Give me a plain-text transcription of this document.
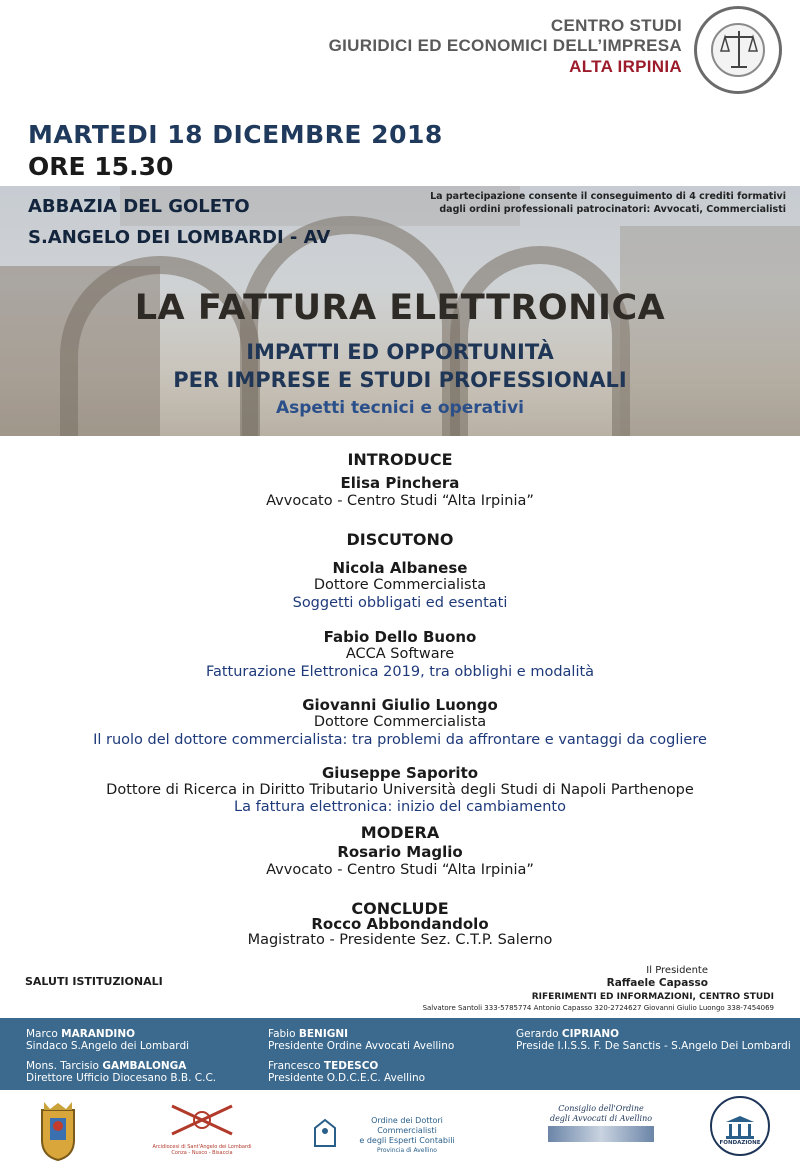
CENTRO STUDI
GIURIDICI ED ECONOMICI DELL’IMPRESA
ALTA IRPINIA
MARTEDI 18 DICEMBRE 2018
ORE 15.30
ABBAZIA DEL GOLETO
S.ANGELO DEI LOMBARDI - AV
La partecipazione consente il conseguimento di 4 crediti formativi
dagli ordini professionali patrocinatori: Avvocati, Commercialisti
LA FATTURA ELETTRONICA
IMPATTI ED OPPORTUNITÀ
PER IMPRESE E STUDI PROFESSIONALI
Aspetti tecnici e operativi
INTRODUCE
Elisa Pinchera
Avvocato - Centro Studi “Alta Irpinia”
DISCUTONO
Nicola Albanese
Dottore Commercialista
Soggetti obbligati ed esentati
Fabio Dello Buono
ACCA Software
Fatturazione Elettronica 2019, tra obblighi e modalità
Giovanni Giulio Luongo
Dottore Commercialista
Il ruolo del dottore commercialista: tra problemi da affrontare e vantaggi da cogliere
Giuseppe Saporito
Dottore di Ricerca in Diritto Tributario Università degli Studi di Napoli Parthenope
La fattura elettronica: inizio del cambiamento
MODERA
Rosario Maglio
Avvocato - Centro Studi “Alta Irpinia”
CONCLUDE
Rocco Abbondandolo
Magistrato - Presidente Sez. C.T.P. Salerno
SALUTI ISTITUZIONALI
Il Presidente
Raffaele Capasso
RIFERIMENTI ED INFORMAZIONI, CENTRO STUDI
Salvatore Santoli 333-5785774 Antonio Capasso 320-2724627 Giovanni Giulio Luongo 338-7454069
Marco MARANDINO
Sindaco S.Angelo dei Lombardi
Fabio BENIGNI
Presidente Ordine Avvocati Avellino
Gerardo CIPRIANO
Preside I.I.S.S. F. De Sanctis - S.Angelo Dei Lombardi
Mons. Tarcisio GAMBALONGA
Direttore Ufficio Diocesano B.B. C.C.
Francesco TEDESCO
Presidente O.D.C.E.C. Avellino
Arcidiocesi di Sant'Angelo dei Lombardi
Conza - Nusco - Bisaccia
Ordine dei Dottori Commercialisti
e degli Esperti Contabili
Provincia di Avellino
Consiglio dell'Ordine
degli Avvocati di Avellino
FONDAZIONE
